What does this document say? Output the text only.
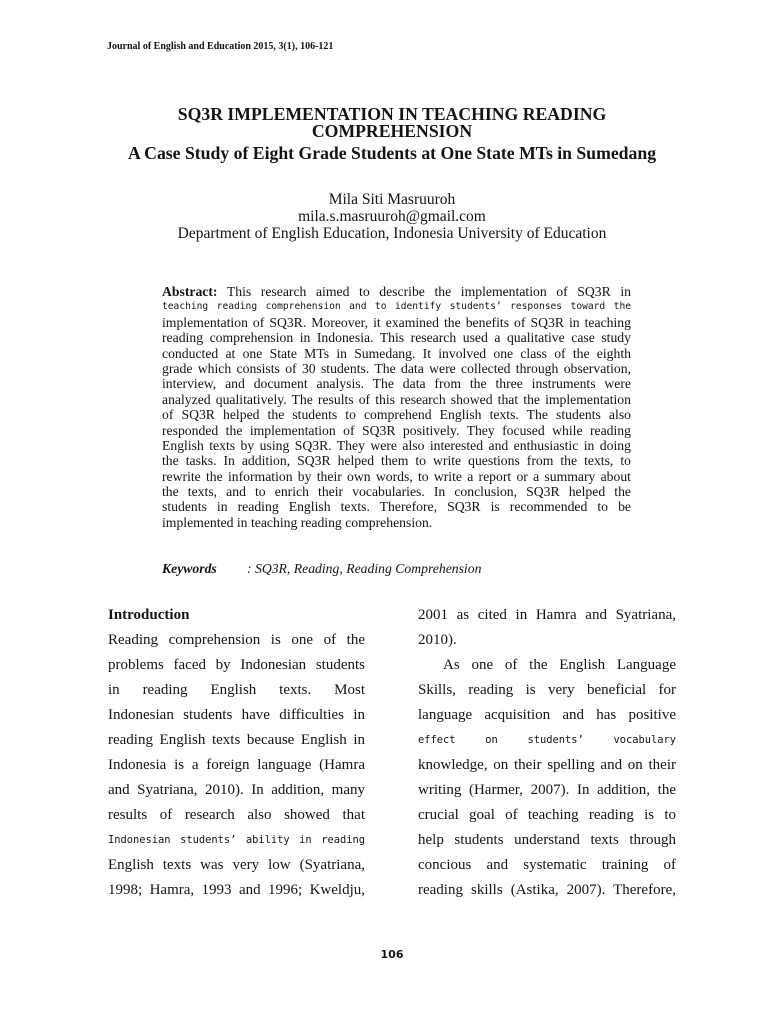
Journal of English and Education 2015, 3(1), 106-121
SQ3R IMPLEMENTATION IN TEACHING READING
COMPREHENSION
A Case Study of Eight Grade Students at One State MTs in Sumedang
Mila Siti Masruuroh
mila.s.masruuroh@gmail.com
Department of English Education, Indonesia University of Education
Abstract: This research aimed to describe the implementation of SQ3R in
teaching reading comprehension and to identify students’ responses toward the
implementation of SQ3R. Moreover, it examined the benefits of SQ3R in teaching
reading comprehension in Indonesia. This research used a qualitative case study
conducted at one State MTs in Sumedang. It involved one class of the eighth
grade which consists of 30 students. The data were collected through observation,
interview, and document analysis. The data from the three instruments were
analyzed qualitatively. The results of this research showed that the implementation
of SQ3R helped the students to comprehend English texts. The students also
responded the implementation of SQ3R positively. They focused while reading
English texts by using SQ3R. They were also interested and enthusiastic in doing
the tasks. In addition, SQ3R helped them to write questions from the texts, to
rewrite the information by their own words, to write a report or a summary about
the texts, and to enrich their vocabularies. In conclusion, SQ3R helped the
students in reading English texts. Therefore, SQ3R is recommended to be
implemented in teaching reading comprehension.
Keywords : SQ3R, Reading, Reading Comprehension
Introduction
Reading comprehension is one of the
problems faced by Indonesian students
in reading English texts. Most
Indonesian students have difficulties in
reading English texts because English in
Indonesia is a foreign language (Hamra
and Syatriana, 2010). In addition, many
results of research also showed that
Indonesian students’ ability in reading
English texts was very low (Syatriana,
1998; Hamra, 1993 and 1996; Kweldju,
2001 as cited in Hamra and Syatriana,
2010).
As one of the English Language
Skills, reading is very beneficial for
language acquisition and has positive
effect on students’ vocabulary
knowledge, on their spelling and on their
writing (Harmer, 2007). In addition, the
crucial goal of teaching reading is to
help students understand texts through
concious and systematic training of
reading skills (Astika, 2007). Therefore,
106
